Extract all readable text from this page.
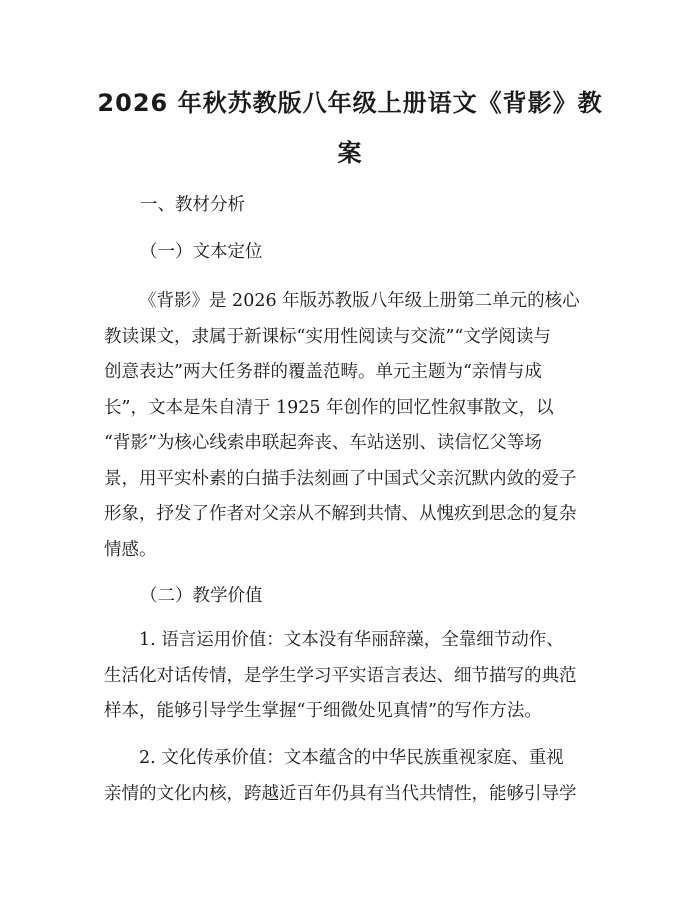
2026 年秋苏教版八年级上册语文《背影》教
案
一、教材分析
（一）文本定位
《背影》是 2026 年版苏教版八年级上册第二单元的核心
教读课文，隶属于新课标“实用性阅读与交流”“文学阅读与
创意表达”两大任务群的覆盖范畴。单元主题为“亲情与成
长”，文本是朱自清于 1925 年创作的回忆性叙事散文，以
“背影”为核心线索串联起奔丧、车站送别、读信忆父等场
景，用平实朴素的白描手法刻画了中国式父亲沉默内敛的爱子
形象，抒发了作者对父亲从不解到共情、从愧疚到思念的复杂
情感。
（二）教学价值
1. 语言运用价值：文本没有华丽辞藻，全靠细节动作、
生活化对话传情，是学生学习平实语言表达、细节描写的典范
样本，能够引导学生掌握“于细微处见真情”的写作方法。
2. 文化传承价值：文本蕴含的中华民族重视家庭、重视
亲情的文化内核，跨越近百年仍具有当代共情性，能够引导学
